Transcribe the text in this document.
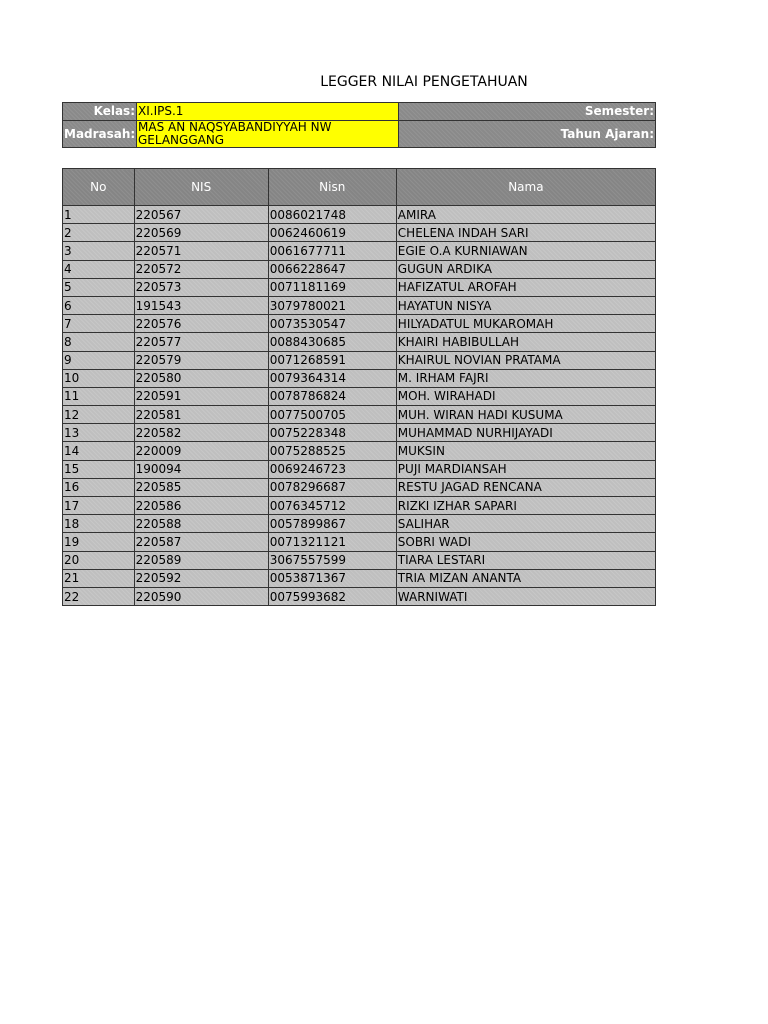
LEGGER NILAI PENGETAHUAN
Kelas:	XI.IPS.1	Semester:
Madrasah:	MAS AN NAQSYABANDIYYAH NW GELANGGANG	Tahun Ajaran:
No	NIS	Nisn	Nama
1	220567	0086021748	AMIRA
2	220569	0062460619	CHELENA INDAH SARI
3	220571	0061677711	EGIE O.A KURNIAWAN
4	220572	0066228647	GUGUN ARDIKA
5	220573	0071181169	HAFIZATUL AROFAH
6	191543	3079780021	HAYATUN NISYA
7	220576	0073530547	HILYADATUL MUKAROMAH
8	220577	0088430685	KHAIRI HABIBULLAH
9	220579	0071268591	KHAIRUL NOVIAN PRATAMA
10	220580	0079364314	M. IRHAM FAJRI
11	220591	0078786824	MOH. WIRAHADI
12	220581	0077500705	MUH. WIRAN HADI KUSUMA
13	220582	0075228348	MUHAMMAD NURHIJAYADI
14	220009	0075288525	MUKSIN
15	190094	0069246723	PUJI MARDIANSAH
16	220585	0078296687	RESTU JAGAD RENCANA
17	220586	0076345712	RIZKI IZHAR SAPARI
18	220588	0057899867	SALIHAR
19	220587	0071321121	SOBRI WADI
20	220589	3067557599	TIARA LESTARI
21	220592	0053871367	TRIA MIZAN ANANTA
22	220590	0075993682	WARNIWATI
